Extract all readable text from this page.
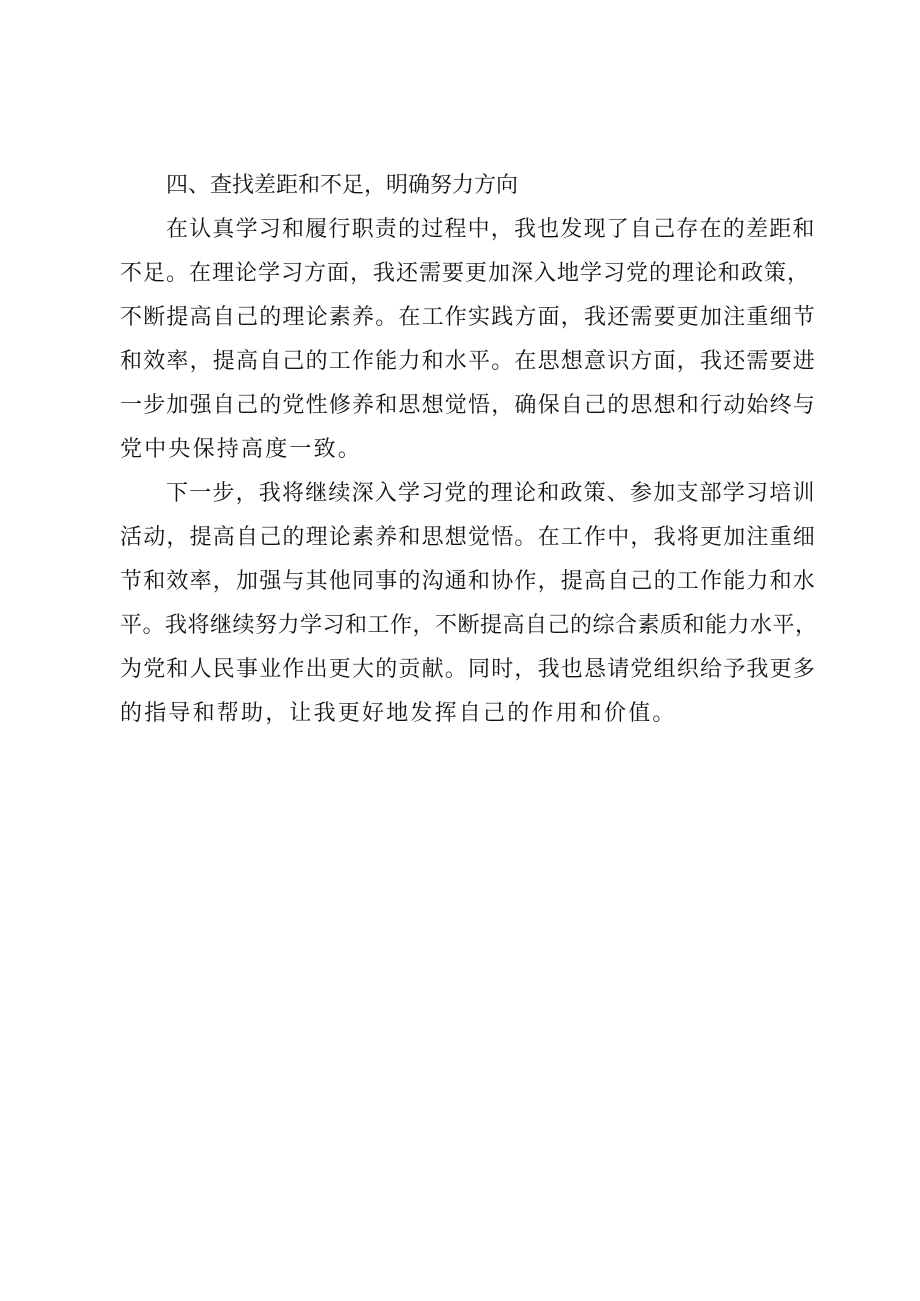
四、查找差距和不足，明确努力方向

在认真学习和履行职责的过程中，我也发现了自己存在的差距和
不足。在理论学习方面，我还需要更加深入地学习党的理论和政策，
不断提高自己的理论素养。在工作实践方面，我还需要更加注重细节
和效率，提高自己的工作能力和水平。在思想意识方面，我还需要进
一步加强自己的党性修养和思想觉悟，确保自己的思想和行动始终与
党中央保持高度一致。

下一步，我将继续深入学习党的理论和政策、参加支部学习培训
活动，提高自己的理论素养和思想觉悟。在工作中，我将更加注重细
节和效率，加强与其他同事的沟通和协作，提高自己的工作能力和水
平。我将继续努力学习和工作，不断提高自己的综合素质和能力水平，
为党和人民事业作出更大的贡献。同时，我也恳请党组织给予我更多
的指导和帮助，让我更好地发挥自己的作用和价值。
